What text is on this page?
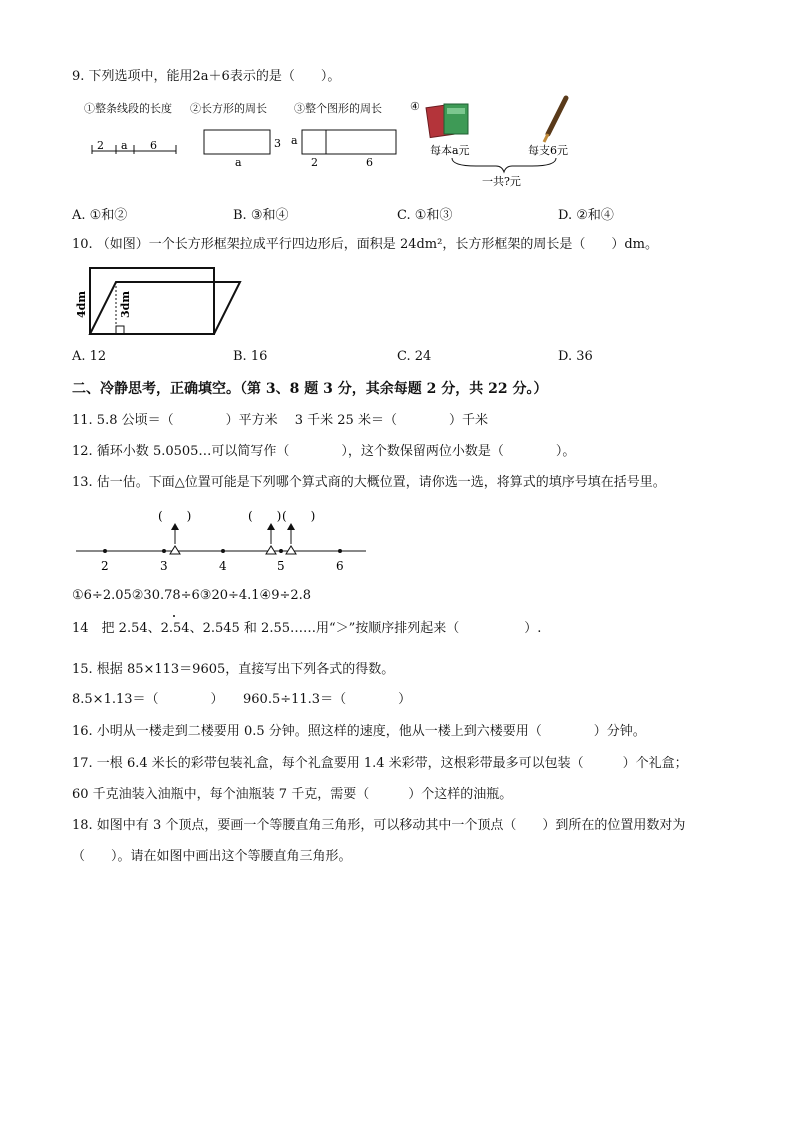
9. 下列选项中，能用2a＋6表示的是（　　）。
①整条线段的长度 ②长方形的周长 ③整个图形的周长	④
2 a 6	3
a
a
2	6
每本a元	每支6元
一共?元
A. ①和②	B. ③和④	C. ①和③	D. ②和④
10. （如图）一个长方形框架拉成平行四边形后，面积是 24dm²，长方形框架的周长是（　　）dm。
4dm	3dm
A. 12	B. 16	C. 24	D. 36
二、冷静思考，正确填空。（第 3、8 题 3 分，其余每题 2 分，共 22 分。）
11. 5.8 公顷＝（　　　　）平方米　 3 千米 25 米＝（　　　　）千米
12. 循环小数 5.0505…可以简写作（　　　　），这个数保留两位小数是（　　　　）。
13. 估一估。下面△位置可能是下列哪个算式商的大概位置，请你选一选，将算式的填序号填在括号里。
(　　)	(　　) (　　)
2	3	4	5	6
①6÷2.05②30.78÷6③20÷4.1④9÷2.8
14　把 2.54、2.54、2.545 和 2.55……用“＞”按顺序排列起来（　　　　　）.
15. 根据 85×113＝9605，直接写出下列各式的得数。
8.5×1.13＝（　　　　）　　960.5÷11.3＝（　　　　）
16. 小明从一楼走到二楼要用 0.5 分钟。照这样的速度，他从一楼上到六楼要用（　　　　）分钟。
17. 一根 6.4 米长的彩带包装礼盒，每个礼盒要用 1.4 米彩带，这根彩带最多可以包装（　　　）个礼盒；
60 千克油装入油瓶中，每个油瓶装 7 千克，需要（　　　）个这样的油瓶。
18. 如图中有 3 个顶点，要画一个等腰直角三角形，可以移动其中一个顶点（　　）到所在的位置用数对为
（　　）。请在如图中画出这个等腰直角三角形。
